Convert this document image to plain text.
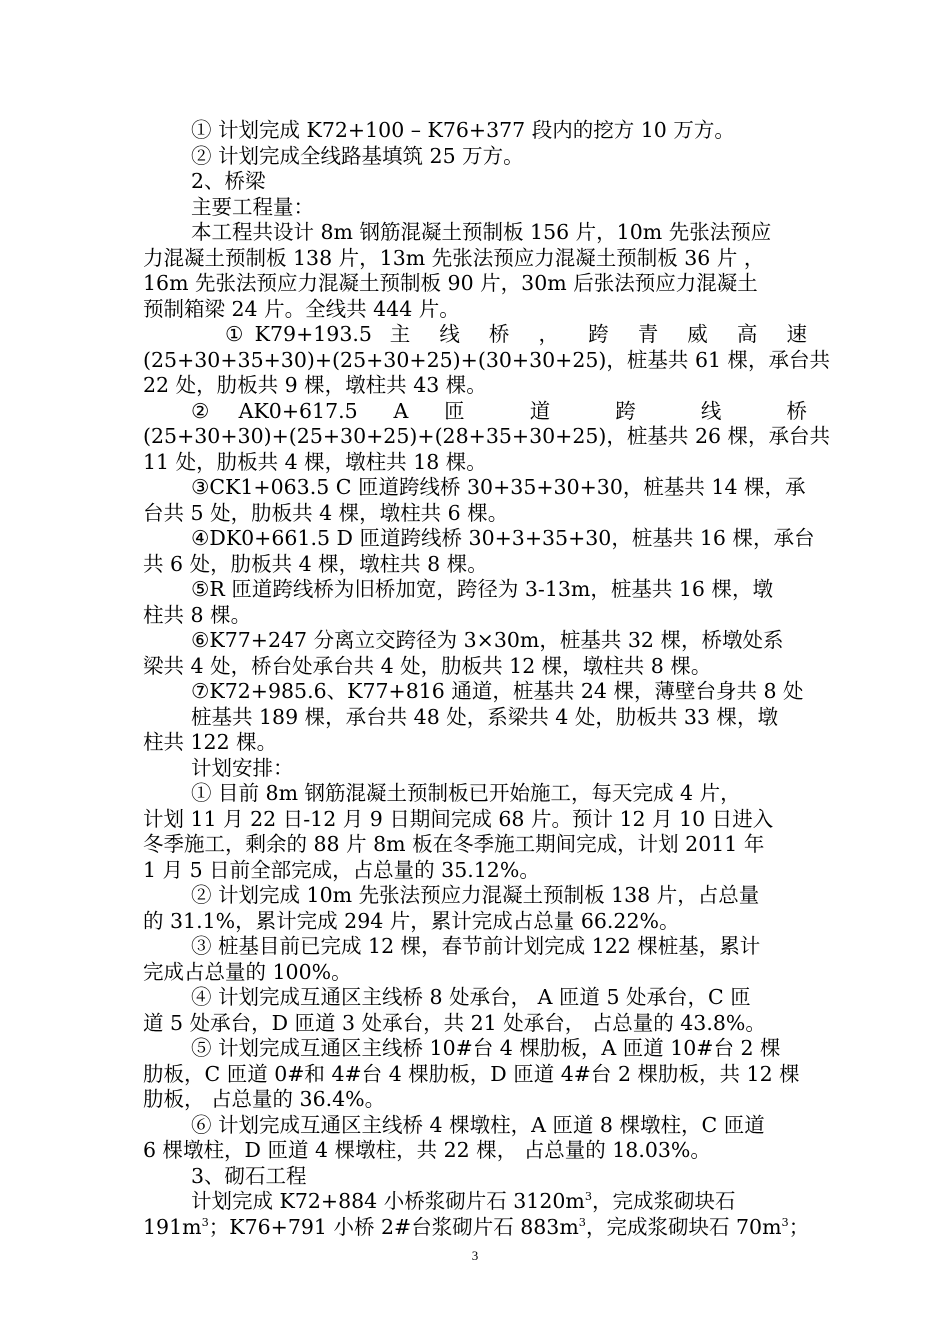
① 计划完成 K72+100 – K76+377 段内的挖方 10 万方。
② 计划完成全线路基填筑 25 万方。
2、桥梁
主要工程量：
本工程共设计 8m 钢筋混凝土预制板 156 片，10m 先张法预应
力混凝土预制板 138 片，13m 先张法预应力混凝土预制板 36 片 ，
16m 先张法预应力混凝土预制板 90 片，30m 后张法预应力混凝土
预制箱梁 24 片。全线共 444 片。
①K79+193.5 主 线 桥 ， 跨 青 威 高 速
(25+30+35+30)+(25+30+25)+(30+30+25)，桩基共 61 棵，承台共
22 处，肋板共 9 棵，墩柱共 43 棵。
②AK0+617.5 A 匝 道 跨 线 桥
(25+30+30)+(25+30+25)+(28+35+30+25)，桩基共 26 棵，承台共
11 处，肋板共 4 棵，墩柱共 18 棵。
③CK1+063.5 C 匝道跨线桥 30+35+30+30，桩基共 14 棵，承
台共 5 处，肋板共 4 棵，墩柱共 6 棵。
④DK0+661.5 D 匝道跨线桥 30+3+35+30，桩基共 16 棵，承台
共 6 处，肋板共 4 棵，墩柱共 8 棵。
⑤R 匝道跨线桥为旧桥加宽，跨径为 3-13m，桩基共 16 棵，墩
柱共 8 棵。
⑥K77+247 分离立交跨径为 3×30m，桩基共 32 棵，桥墩处系
梁共 4 处，桥台处承台共 4 处，肋板共 12 棵，墩柱共 8 棵。
⑦K72+985.6、K77+816 通道，桩基共 24 棵，薄壁台身共 8 处
桩基共 189 棵，承台共 48 处，系梁共 4 处，肋板共 33 棵，墩
柱共 122 棵。
计划安排：
① 目前 8m 钢筋混凝土预制板已开始施工，每天完成 4 片，
计划 11 月 22 日-12 月 9 日期间完成 68 片。预计 12 月 10 日进入
冬季施工，剩余的 88 片 8m 板在冬季施工期间完成，计划 2011 年
1 月 5 日前全部完成，占总量的 35.12%。
② 计划完成 10m 先张法预应力混凝土预制板 138 片，占总量
的 31.1%，累计完成 294 片，累计完成占总量 66.22%。
③ 桩基目前已完成 12 棵，春节前计划完成 122 棵桩基，累计
完成占总量的 100%。
④ 计划完成互通区主线桥 8 处承台， A 匝道 5 处承台，C 匝
道 5 处承台，D 匝道 3 处承台，共 21 处承台， 占总量的 43.8%。
⑤ 计划完成互通区主线桥 10#台 4 棵肋板，A 匝道 10#台 2 棵
肋板，C 匝道 0#和 4#台 4 棵肋板，D 匝道 4#台 2 棵肋板，共 12 棵
肋板， 占总量的 36.4%。
⑥ 计划完成互通区主线桥 4 棵墩柱，A 匝道 8 棵墩柱，C 匝道
6 棵墩柱，D 匝道 4 棵墩柱，共 22 棵， 占总量的 18.03%。
3、砌石工程
计划完成 K72+884 小桥浆砌片石 $3120m^3$，完成浆砌块石
$191m^3$；K76+791 小桥 2#台浆砌片石 $883m^3$，完成浆砌块石 $70m^3$；
3
